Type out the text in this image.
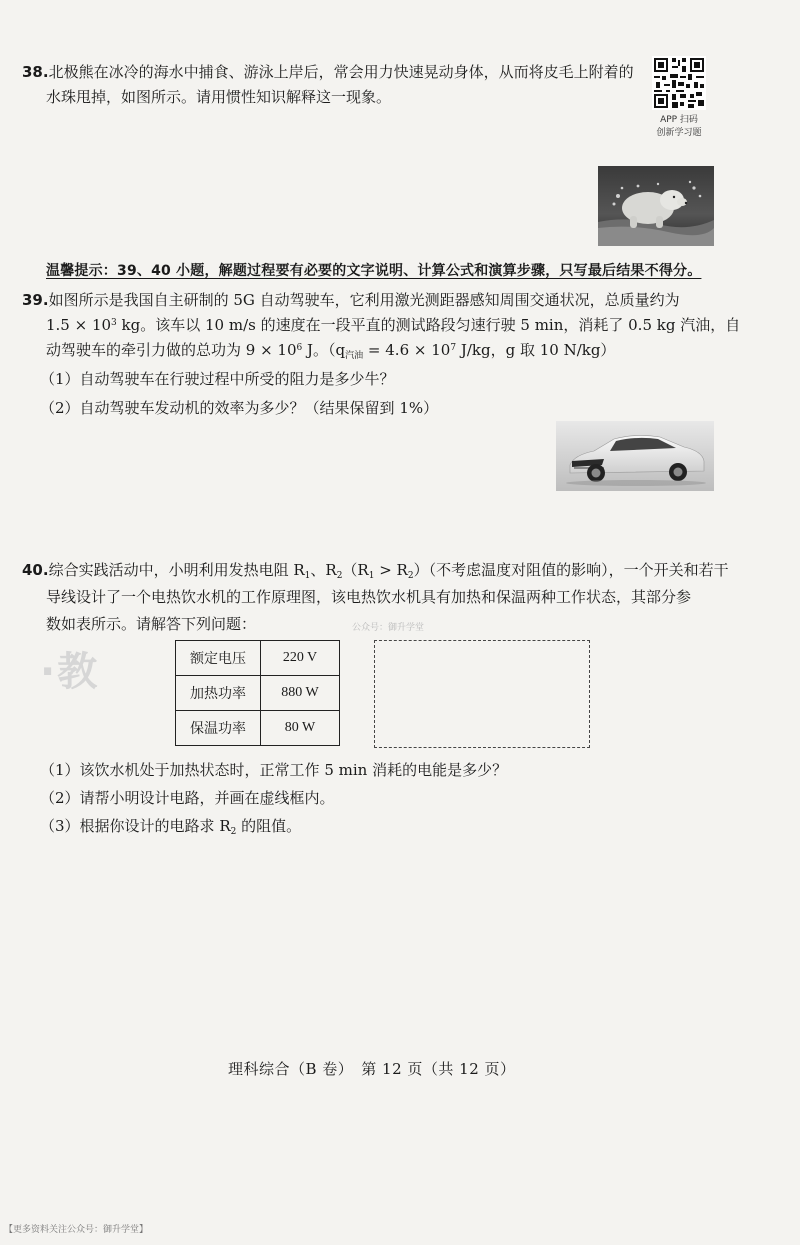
38.北极熊在冰冷的海水中捕食、游泳上岸后，常会用力快速晃动身体，从而将皮毛上附着的

水珠甩掉，如图所示。请用惯性知识解释这一现象。

APP 扫码
创新学习题
温馨提示：39、40 小题，解题过程要有必要的文字说明、计算公式和演算步骤，只写最后结果不得分。

39.如图所示是我国自主研制的 5G 自动驾驶车，它利用激光测距器感知周围交通状况，总质量约为

$1.5 \times 10^3$ kg。该车以 10 m/s 的速度在一段平直的测试路段匀速行驶 5 min，消耗了 0.5 kg 汽油，自

动驾驶车的牵引力做的总功为 $9 \times 10^6$ J。（$q_{汽油} = 4.6 \times 10^7$ J/kg，g 取 10 N/kg）

（1）自动驾驶车在行驶过程中所受的阻力是多少牛？

（2）自动驾驶车发动机的效率为多少？（结果保留到 1%）

40.综合实践活动中，小明利用发热电阻 $R_1$、$R_2(R_1 > R_2)$（不考虑温度对阻值的影响），一个开关和若干

导线设计了一个电热饮水机的工作原理图，该电热饮水机具有加热和保温两种工作状态，其部分参

数如表所示。请解答下列问题：	公众号：御升学堂
·教	额定电压	220 V
加热功率	880 W
保温功率	80 W

（1）该饮水机处于加热状态时，正常工作 5 min 消耗的电能是多少？

（2）请帮小明设计电路，并画在虚线框内。

（3）根据你设计的电路求 $R_2$ 的阻值。

理科综合（B 卷）　第 12 页（共 12 页）
【更多资料关注公众号：御升学堂】
